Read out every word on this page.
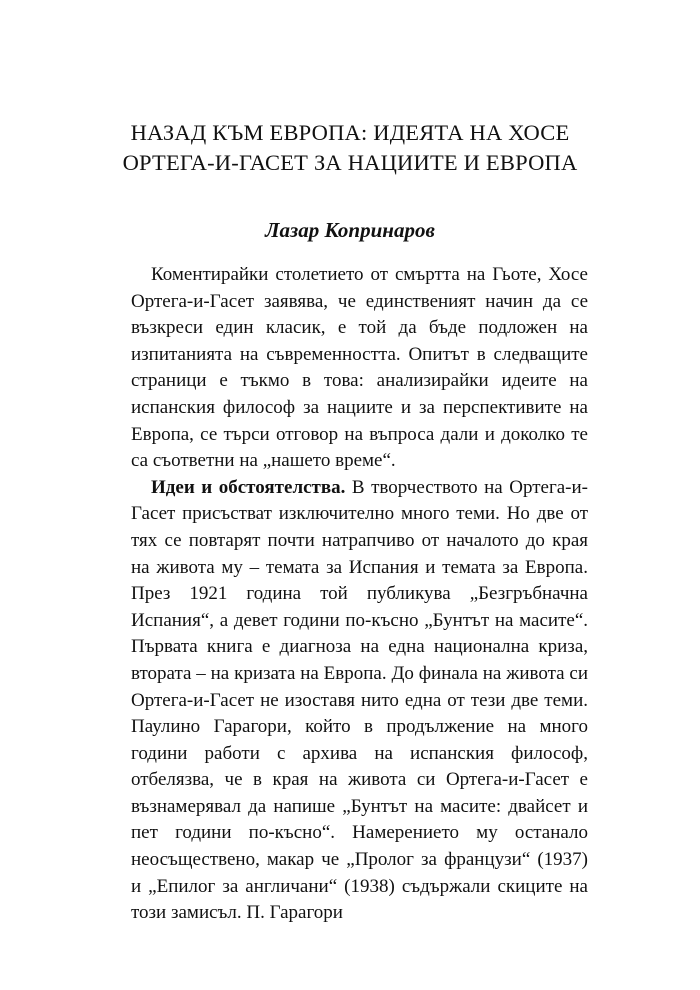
НАЗАД КЪМ ЕВРОПА: ИДЕЯТА НА ХОСЕ ОРТЕГА-И-ГАСЕТ ЗА НАЦИИТЕ И ЕВРОПА
Лазар Копринаров

Коментирайки столетието от смъртта на Гьоте, Хосе Ортега-и-Гасет заявява, че единственият начин да се възкреси един класик, е той да бъде подложен на изпитанията на съвременността. Опитът в следващите страници е тъкмо в това: анализирайки идеите на испанския философ за нациите и за перспективите на Европа, се търси отговор на въпроса дали и доколко те са съответни на „нашето време“.

Идеи и обстоятелства. В творчеството на Ортега-и-Гасет присъстват изключително много теми. Но две от тях се повтарят почти натрапчиво от началото до края на живота му – темата за Испания и темата за Европа. През 1921 година той публикува „Безгръбначна Испания“, а девет години по-късно „Бунтът на масите“. Първата книга е диагноза на една национална криза, втората – на кризата на Европа. До финала на живота си Ортега-и-Гасет не изоставя нито една от тези две теми. Паулино Гарагори, който в продължение на много години работи с архива на испанския философ, отбелязва, че в края на живота си Ортега-и-Гасет е възнамерявал да напише „Бунтът на масите: двайсет и пет години по-късно“. Намерението му останало неосъществено, макар че „Пролог за французи“ (1937) и „Епилог за англичани“ (1938) съдържали скиците на този замисъл. П. Гарагори
